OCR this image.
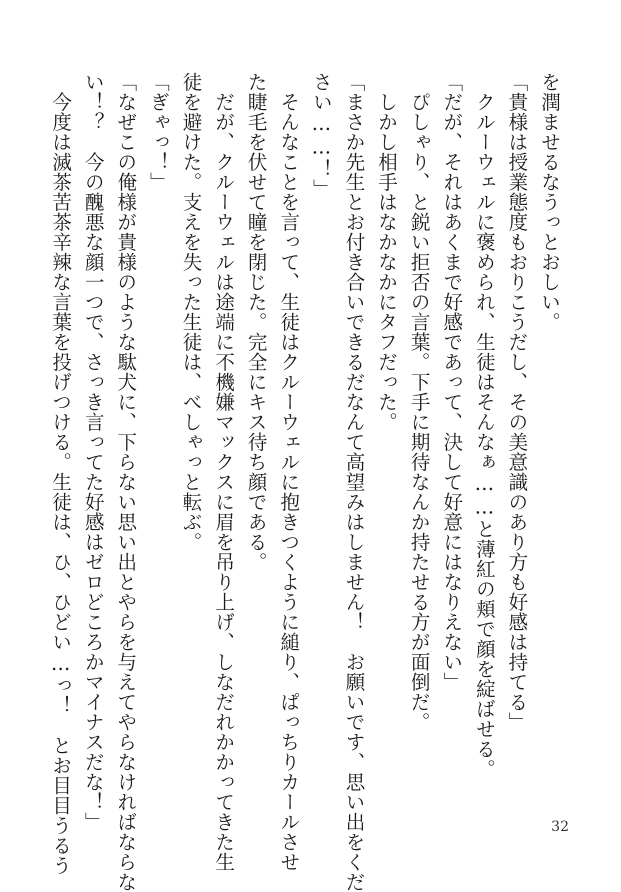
を潤ませるなうっとおしい。
「貴様は授業態度もおりこうだし、その美意識のあり方も好感は持てる」
　クルーウェルに褒められ、生徒はそんなぁ……と薄紅の頬で顔を綻ばせる。
「だが、それはあくまで好感であって、決して好意にはなりえない」
　ぴしゃり、と鋭い拒否の言葉。下手に期待なんか持たせる方が面倒だ。
　しかし相手はなかなかにタフだった。
「まさか先生とお付き合いできるだなんて高望みはしません！　お願いです、思い出をくだ
さい……！」
　そんなことを言って、生徒はクルーウェルに抱きつくように縋り、ぱっちりカールさせ
た睫毛を伏せて瞳を閉じた。完全にキス待ち顔である。
　だが、クルーウェルは途端に不機嫌マックスに眉を吊り上げ、しなだれかかってきた生
徒を避けた。支えを失った生徒は、べしゃっと転ぶ。
「ぎゃっ！」
「なぜこの俺様が貴様のような駄犬に、下らない思い出とやらを与えてやらなければならな
い！？　今の醜悪な顔一つで、さっき言ってた好感はゼロどころかマイナスだな！」
　今度は滅茶苦茶辛辣な言葉を投げつける。生徒は、ひ、ひどい…っ！　とお目目うるう	32
